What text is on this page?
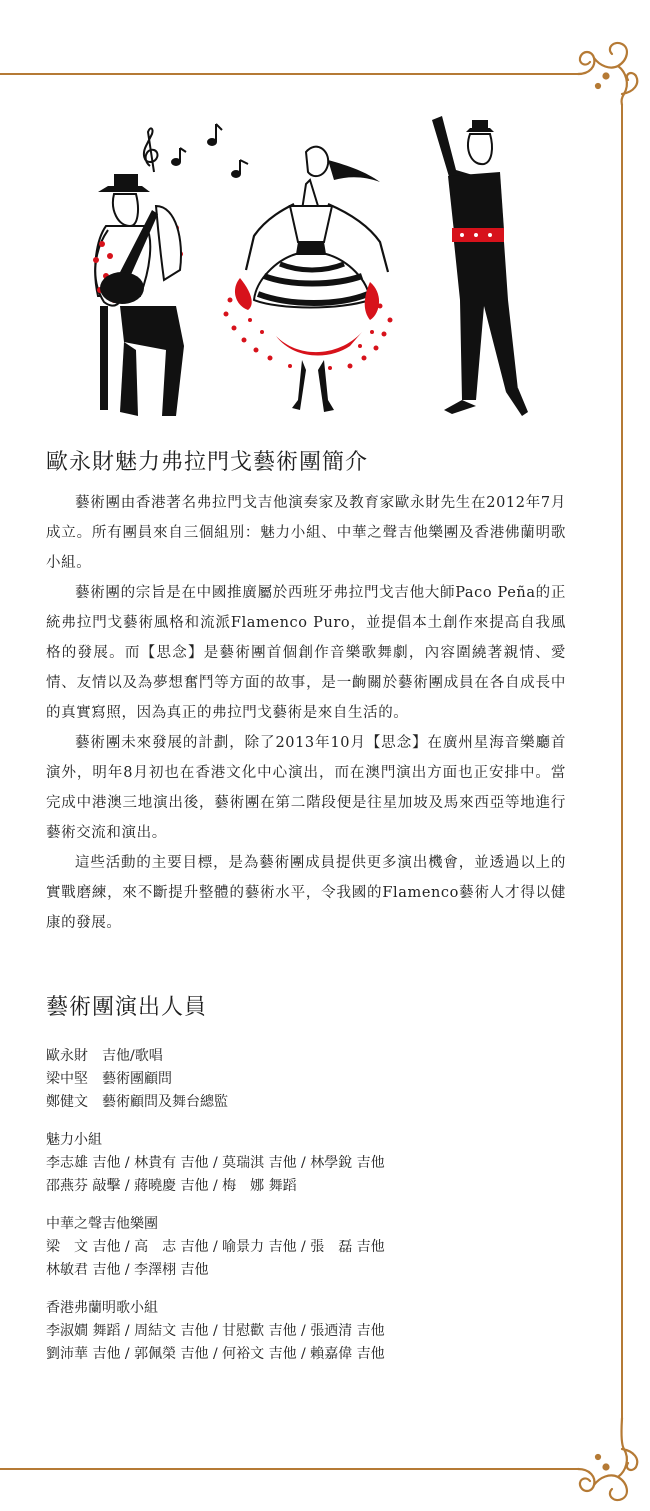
歐永財魅力弗拉門戈藝術團簡介

藝術團由香港著名弗拉門戈吉他演奏家及教育家歐永財先生在2012年7月成立。所有團員來自三個組別：魅力小組、中華之聲吉他樂團及香港佛蘭明歌小組。

藝術團的宗旨是在中國推廣屬於西班牙弗拉門戈吉他大師Paco Peña的正統弗拉門戈藝術風格和流派Flamenco Puro，並提倡本土創作來提高自我風格的發展。而【思念】是藝術團首個創作音樂歌舞劇，內容圍繞著親情、愛情、友情以及為夢想奮鬥等方面的故事，是一齣關於藝術團成員在各自成長中的真實寫照，因為真正的弗拉門戈藝術是來自生活的。

藝術團未來發展的計劃，除了2013年10月【思念】在廣州星海音樂廳首演外，明年8月初也在香港文化中心演出，而在澳門演出方面也正安排中。當完成中港澳三地演出後，藝術團在第二階段便是往星加坡及馬來西亞等地進行藝術交流和演出。

這些活動的主要目標，是為藝術團成員提供更多演出機會，並透過以上的實戰磨練，來不斷提升整體的藝術水平，令我國的Flamenco藝術人才得以健康的發展。

藝術團演出人員
歐永財　吉他/歌唱
梁中堅　藝術團顧問
鄭健文　藝術顧問及舞台總監
魅力小組
李志雄 吉他 / 林貴有 吉他 / 莫瑞淇 吉他 / 林學銳 吉他
邵燕芬 敲擊 / 蔣曉慶 吉他 / 梅　娜 舞蹈
中華之聲吉他樂團
梁　文 吉他 / 高　志 吉他 / 喻景力 吉他 / 張　磊 吉他
林敏君 吉他 / 李澤栩 吉他
香港弗蘭明歌小組
李淑嫺 舞蹈 / 周結文 吉他 / 甘慰歡 吉他 / 張迺清 吉他
劉沛華 吉他 / 郭佩榮 吉他 / 何裕文 吉他 / 賴嘉偉 吉他
